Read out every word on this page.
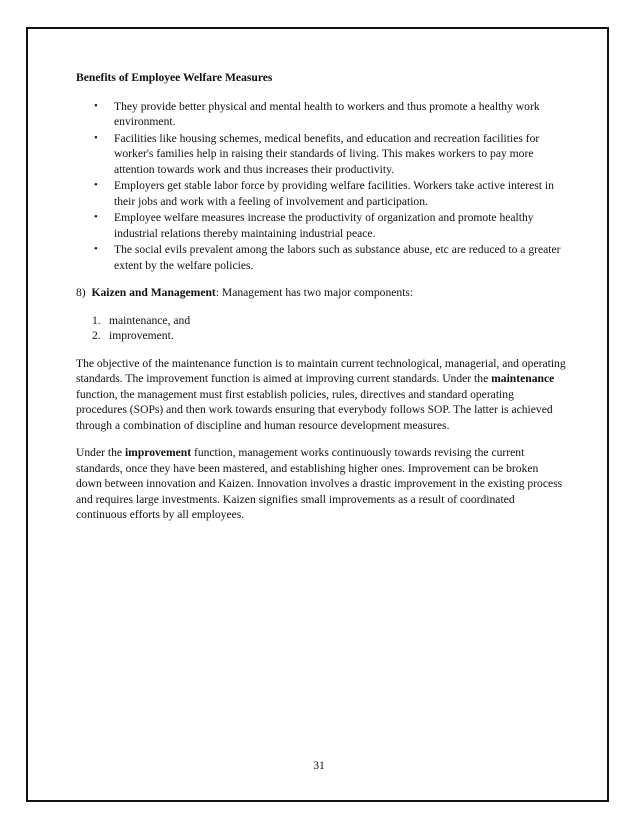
Benefits of Employee Welfare Measures
• They provide better physical and mental health to workers and thus promote a healthy work environment.
• Facilities like housing schemes, medical benefits, and education and recreation facilities for worker's families help in raising their standards of living. This makes workers to pay more attention towards work and thus increases their productivity.
• Employers get stable labor force by providing welfare facilities. Workers take active interest in their jobs and work with a feeling of involvement and participation.
• Employee welfare measures increase the productivity of organization and promote healthy industrial relations thereby maintaining industrial peace.
• The social evils prevalent among the labors such as substance abuse, etc are reduced to a greater extent by the welfare policies.
8) Kaizen and Management: Management has two major components:
1. maintenance, and
2. improvement.

The objective of the maintenance function is to maintain current technological, managerial, and operating standards. The improvement function is aimed at improving current standards. Under the maintenance function, the management must first establish policies, rules, directives and standard operating procedures (SOPs) and then work towards ensuring that everybody follows SOP. The latter is achieved through a combination of discipline and human resource development measures.

Under the improvement function, management works continuously towards revising the current standards, once they have been mastered, and establishing higher ones. Improvement can be broken down between innovation and Kaizen. Innovation involves a drastic improvement in the existing process and requires large investments. Kaizen signifies small improvements as a result of coordinated continuous efforts by all employees.

31
